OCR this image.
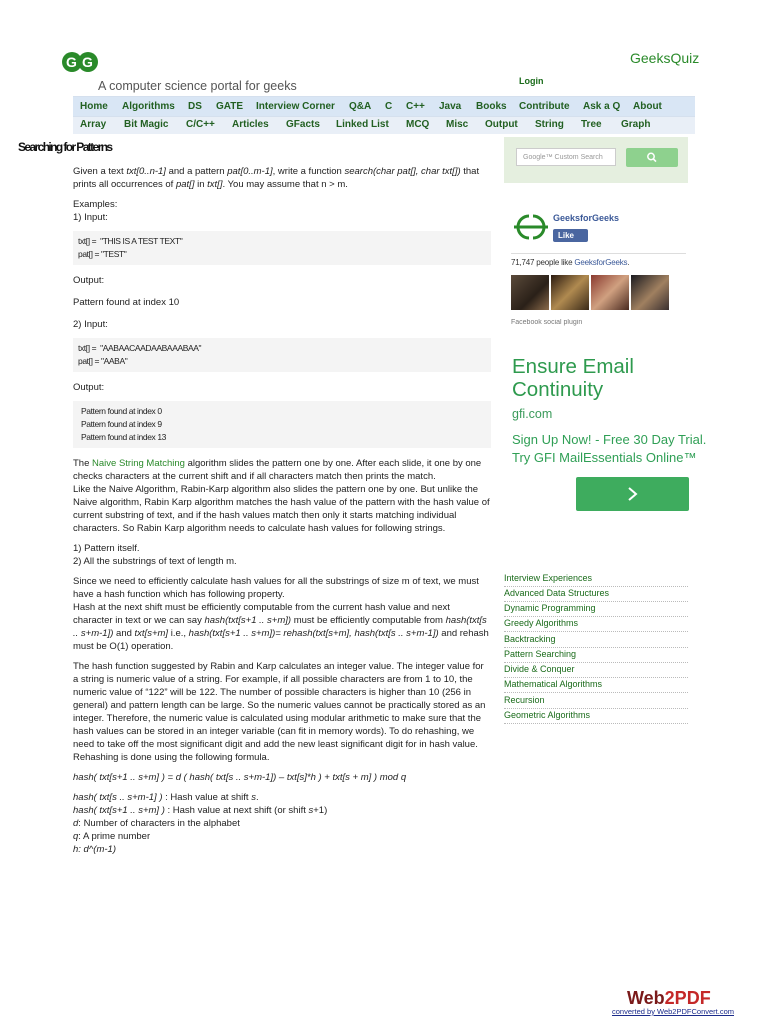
G G
A computer science portal for geeks
GeeksQuiz
Login
Home Algorithms DS GATE Interview Corner Q&A C C++ Java Books Contribute Ask a Q About
Array Bit Magic C/C++ Articles GFacts Linked List MCQ Misc Output String Tree Graph
Searching for Patterns
Google™ Custom Search

Given a text txt[0..n-1] and a pattern pat[0..m-1], write a function search(char pat[], char txt[]) that prints all occurrences of pat[] in txt[]. You may assume that n > m.

Examples:

1) Input:

txt[] =  "THIS IS A TEST TEXT"
pat[] = "TEST"

Output:

Pattern found at index 10

2) Input:

txt[] =  "AABAACAADAABAAABAA"
pat[] = "AABA"

Output:

Pattern found at index 0
Pattern found at index 9
Pattern found at index 13

The Naive String Matching algorithm slides the pattern one by one. After each slide, it one by one checks characters at the current shift and if all characters match then prints the match.
Like the Naive Algorithm, Rabin-Karp algorithm also slides the pattern one by one. But unlike the Naive algorithm, Rabin Karp algorithm matches the hash value of the pattern with the hash value of current substring of text, and if the hash values match then only it starts matching individual characters. So Rabin Karp algorithm needs to calculate hash values for following strings.

1) Pattern itself.
2) All the substrings of text of length m.

Since we need to efficiently calculate hash values for all the substrings of size m of text, we must have a hash function which has following property.
Hash at the next shift must be efficiently computable from the current hash value and next character in text or we can say hash(txt[s+1 .. s+m]) must be efficiently computable from hash(txt[s .. s+m-1]) and txt[s+m] i.e., hash(txt[s+1 .. s+m])= rehash(txt[s+m], hash(txt[s .. s+m-1]) and rehash must be O(1) operation.

The hash function suggested by Rabin and Karp calculates an integer value. The integer value for a string is numeric value of a string. For example, if all possible characters are from 1 to 10, the numeric value of “122” will be 122. The number of possible characters is higher than 10 (256 in general) and pattern length can be large. So the numeric values cannot be practically stored as an integer. Therefore, the numeric value is calculated using modular arithmetic to make sure that the hash values can be stored in an integer variable (can fit in memory words). To do rehashing, we need to take off the most significant digit and add the new least significant digit for in hash value. Rehashing is done using the following formula.

hash( txt[s+1 .. s+m] ) = d ( hash( txt[s .. s+m-1]) – txt[s]*h ) + txt[s + m] ) mod q

hash( txt[s .. s+m-1] ) : Hash value at shift s.
hash( txt[s+1 .. s+m] ) : Hash value at next shift (or shift s+1)
d: Number of characters in the alphabet
q: A prime number
h: d^(m-1)
GeeksforGeeks
Like
71,747 people like GeeksforGeeks.
Facebook social plugin
Ensure Email
Continuity
gfi.com
Sign Up Now! - Free 30 Day Trial.
Try GFI MailEssentials Online™
Interview Experiences
Advanced Data Structures
Dynamic Programming
Greedy Algorithms
Backtracking
Pattern Searching
Divide & Conquer
Mathematical Algorithms
Recursion
Geometric Algorithms
Web2PDF
converted by Web2PDFConvert.com
